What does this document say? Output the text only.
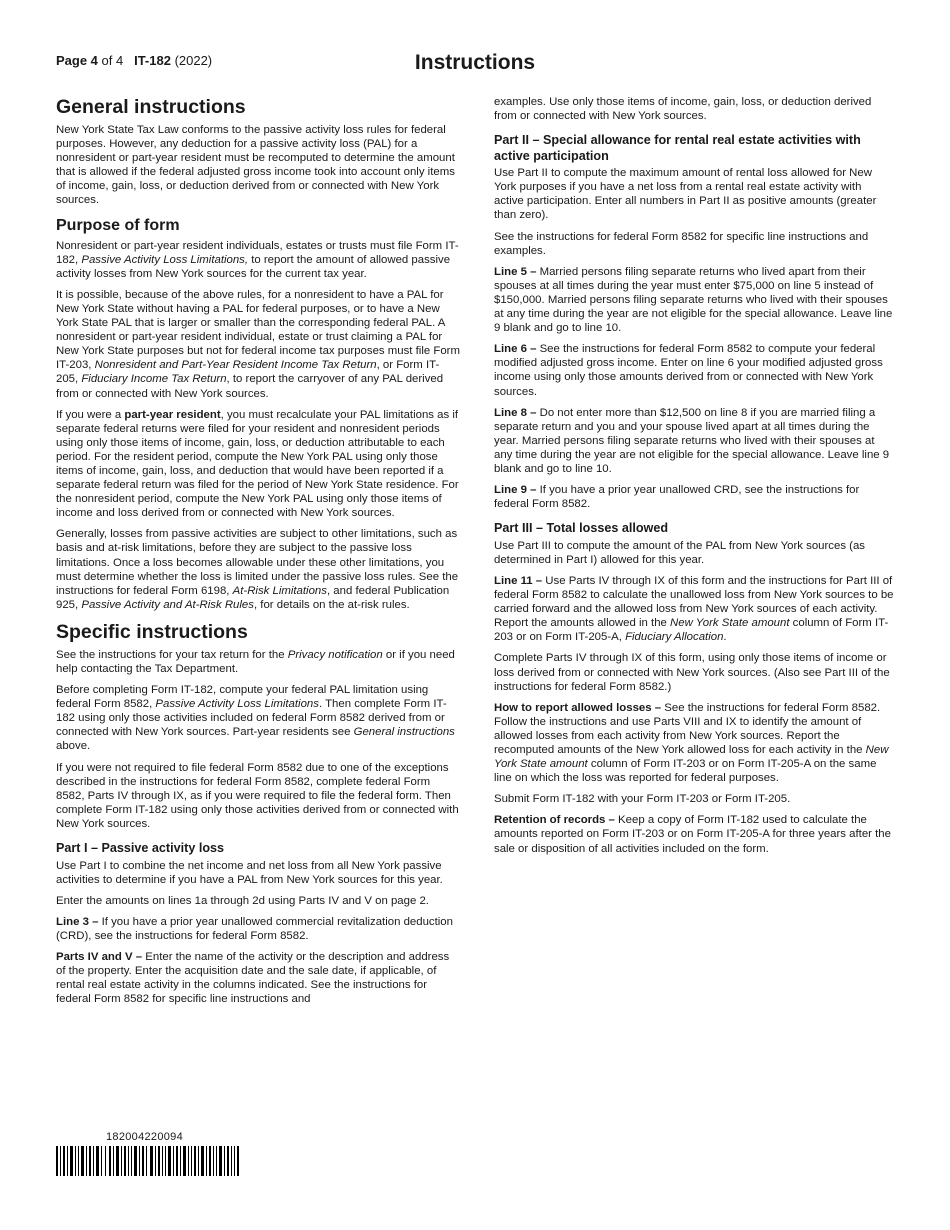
Page 4 of 4 IT-182 (2022)	Instructions
General instructions

New York State Tax Law conforms to the passive activity loss rules for federal purposes. However, any deduction for a passive activity loss (PAL) for a nonresident or part-year resident must be recomputed to determine the amount that is allowed if the federal adjusted gross income took into account only items of income, gain, loss, or deduction derived from or connected with New York sources.

Purpose of form

Nonresident or part-year resident individuals, estates or trusts must file Form IT-182, Passive Activity Loss Limitations, to report the amount of allowed passive activity losses from New York sources for the current tax year.

It is possible, because of the above rules, for a nonresident to have a PAL for New York State without having a PAL for federal purposes, or to have a New York State PAL that is larger or smaller than the corresponding federal PAL. A nonresident or part-year resident individual, estate or trust claiming a PAL for New York State purposes but not for federal income tax purposes must file Form IT-203, Nonresident and Part-Year Resident Income Tax Return, or Form IT-205, Fiduciary Income Tax Return, to report the carryover of any PAL derived from or connected with New York sources.

If you were a part-year resident, you must recalculate your PAL limitations as if separate federal returns were filed for your resident and nonresident periods using only those items of income, gain, loss, or deduction attributable to each period. For the resident period, compute the New York PAL using only those items of income, gain, loss, and deduction that would have been reported if a separate federal return was filed for the period of New York State residence. For the nonresident period, compute the New York PAL using only those items of income and loss derived from or connected with New York sources.

Generally, losses from passive activities are subject to other limitations, such as basis and at-risk limitations, before they are subject to the passive loss limitations. Once a loss becomes allowable under these other limitations, you must determine whether the loss is limited under the passive loss rules. See the instructions for federal Form 6198, At-Risk Limitations, and federal Publication 925, Passive Activity and At-Risk Rules, for details on the at-risk rules.

Specific instructions

See the instructions for your tax return for the Privacy notification or if you need help contacting the Tax Department.

Before completing Form IT-182, compute your federal PAL limitation using federal Form 8582, Passive Activity Loss Limitations. Then complete Form IT-182 using only those activities included on federal Form 8582 derived from or connected with New York sources. Part-year residents see General instructions above.

If you were not required to file federal Form 8582 due to one of the exceptions described in the instructions for federal Form 8582, complete federal Form 8582, Parts IV through IX, as if you were required to file the federal form. Then complete Form IT-182 using only those activities derived from or connected with New York sources.

Part I – Passive activity loss

Use Part I to combine the net income and net loss from all New York passive activities to determine if you have a PAL from New York sources for this year.

Enter the amounts on lines 1a through 2d using Parts IV and V on page 2.

Line 3 – If you have a prior year unallowed commercial revitalization deduction (CRD), see the instructions for federal Form 8582.

Parts IV and V – Enter the name of the activity or the description and address of the property. Enter the acquisition date and the sale date, if applicable, of rental real estate activity in the columns indicated. See the instructions for federal Form 8582 for specific line instructions and

examples. Use only those items of income, gain, loss, or deduction derived from or connected with New York sources.

Part II – Special allowance for rental real estate activities with active participation

Use Part II to compute the maximum amount of rental loss allowed for New York purposes if you have a net loss from a rental real estate activity with active participation. Enter all numbers in Part II as positive amounts (greater than zero).

See the instructions for federal Form 8582 for specific line instructions and examples.

Line 5 – Married persons filing separate returns who lived apart from their spouses at all times during the year must enter $75,000 on line 5 instead of $150,000. Married persons filing separate returns who lived with their spouses at any time during the year are not eligible for the special allowance. Leave line 9 blank and go to line 10.

Line 6 – See the instructions for federal Form 8582 to compute your federal modified adjusted gross income. Enter on line 6 your modified adjusted gross income using only those amounts derived from or connected with New York sources.

Line 8 – Do not enter more than $12,500 on line 8 if you are married filing a separate return and you and your spouse lived apart at all times during the year. Married persons filing separate returns who lived with their spouses at any time during the year are not eligible for the special allowance. Leave line 9 blank and go to line 10.

Line 9 – If you have a prior year unallowed CRD, see the instructions for federal Form 8582.

Part III – Total losses allowed

Use Part III to compute the amount of the PAL from New York sources (as determined in Part I) allowed for this year.

Line 11 – Use Parts IV through IX of this form and the instructions for Part III of federal Form 8582 to calculate the unallowed loss from New York sources to be carried forward and the allowed loss from New York sources of each activity. Report the amounts allowed in the New York State amount column of Form IT-203 or on Form IT-205-A, Fiduciary Allocation.

Complete Parts IV through IX of this form, using only those items of income or loss derived from or connected with New York sources. (Also see Part III of the instructions for federal Form 8582.)

How to report allowed losses – See the instructions for federal Form 8582. Follow the instructions and use Parts VIII and IX to identify the amount of allowed losses from each activity from New York sources. Report the recomputed amounts of the New York allowed loss for each activity in the New York State amount column of Form IT-203 or on Form IT-205-A on the same line on which the loss was reported for federal purposes.

Submit Form IT-182 with your Form IT-203 or Form IT-205.

Retention of records – Keep a copy of Form IT-182 used to calculate the amounts reported on Form IT-203 or on Form IT-205-A for three years after the sale or disposition of all activities included on the form.

182004220094
